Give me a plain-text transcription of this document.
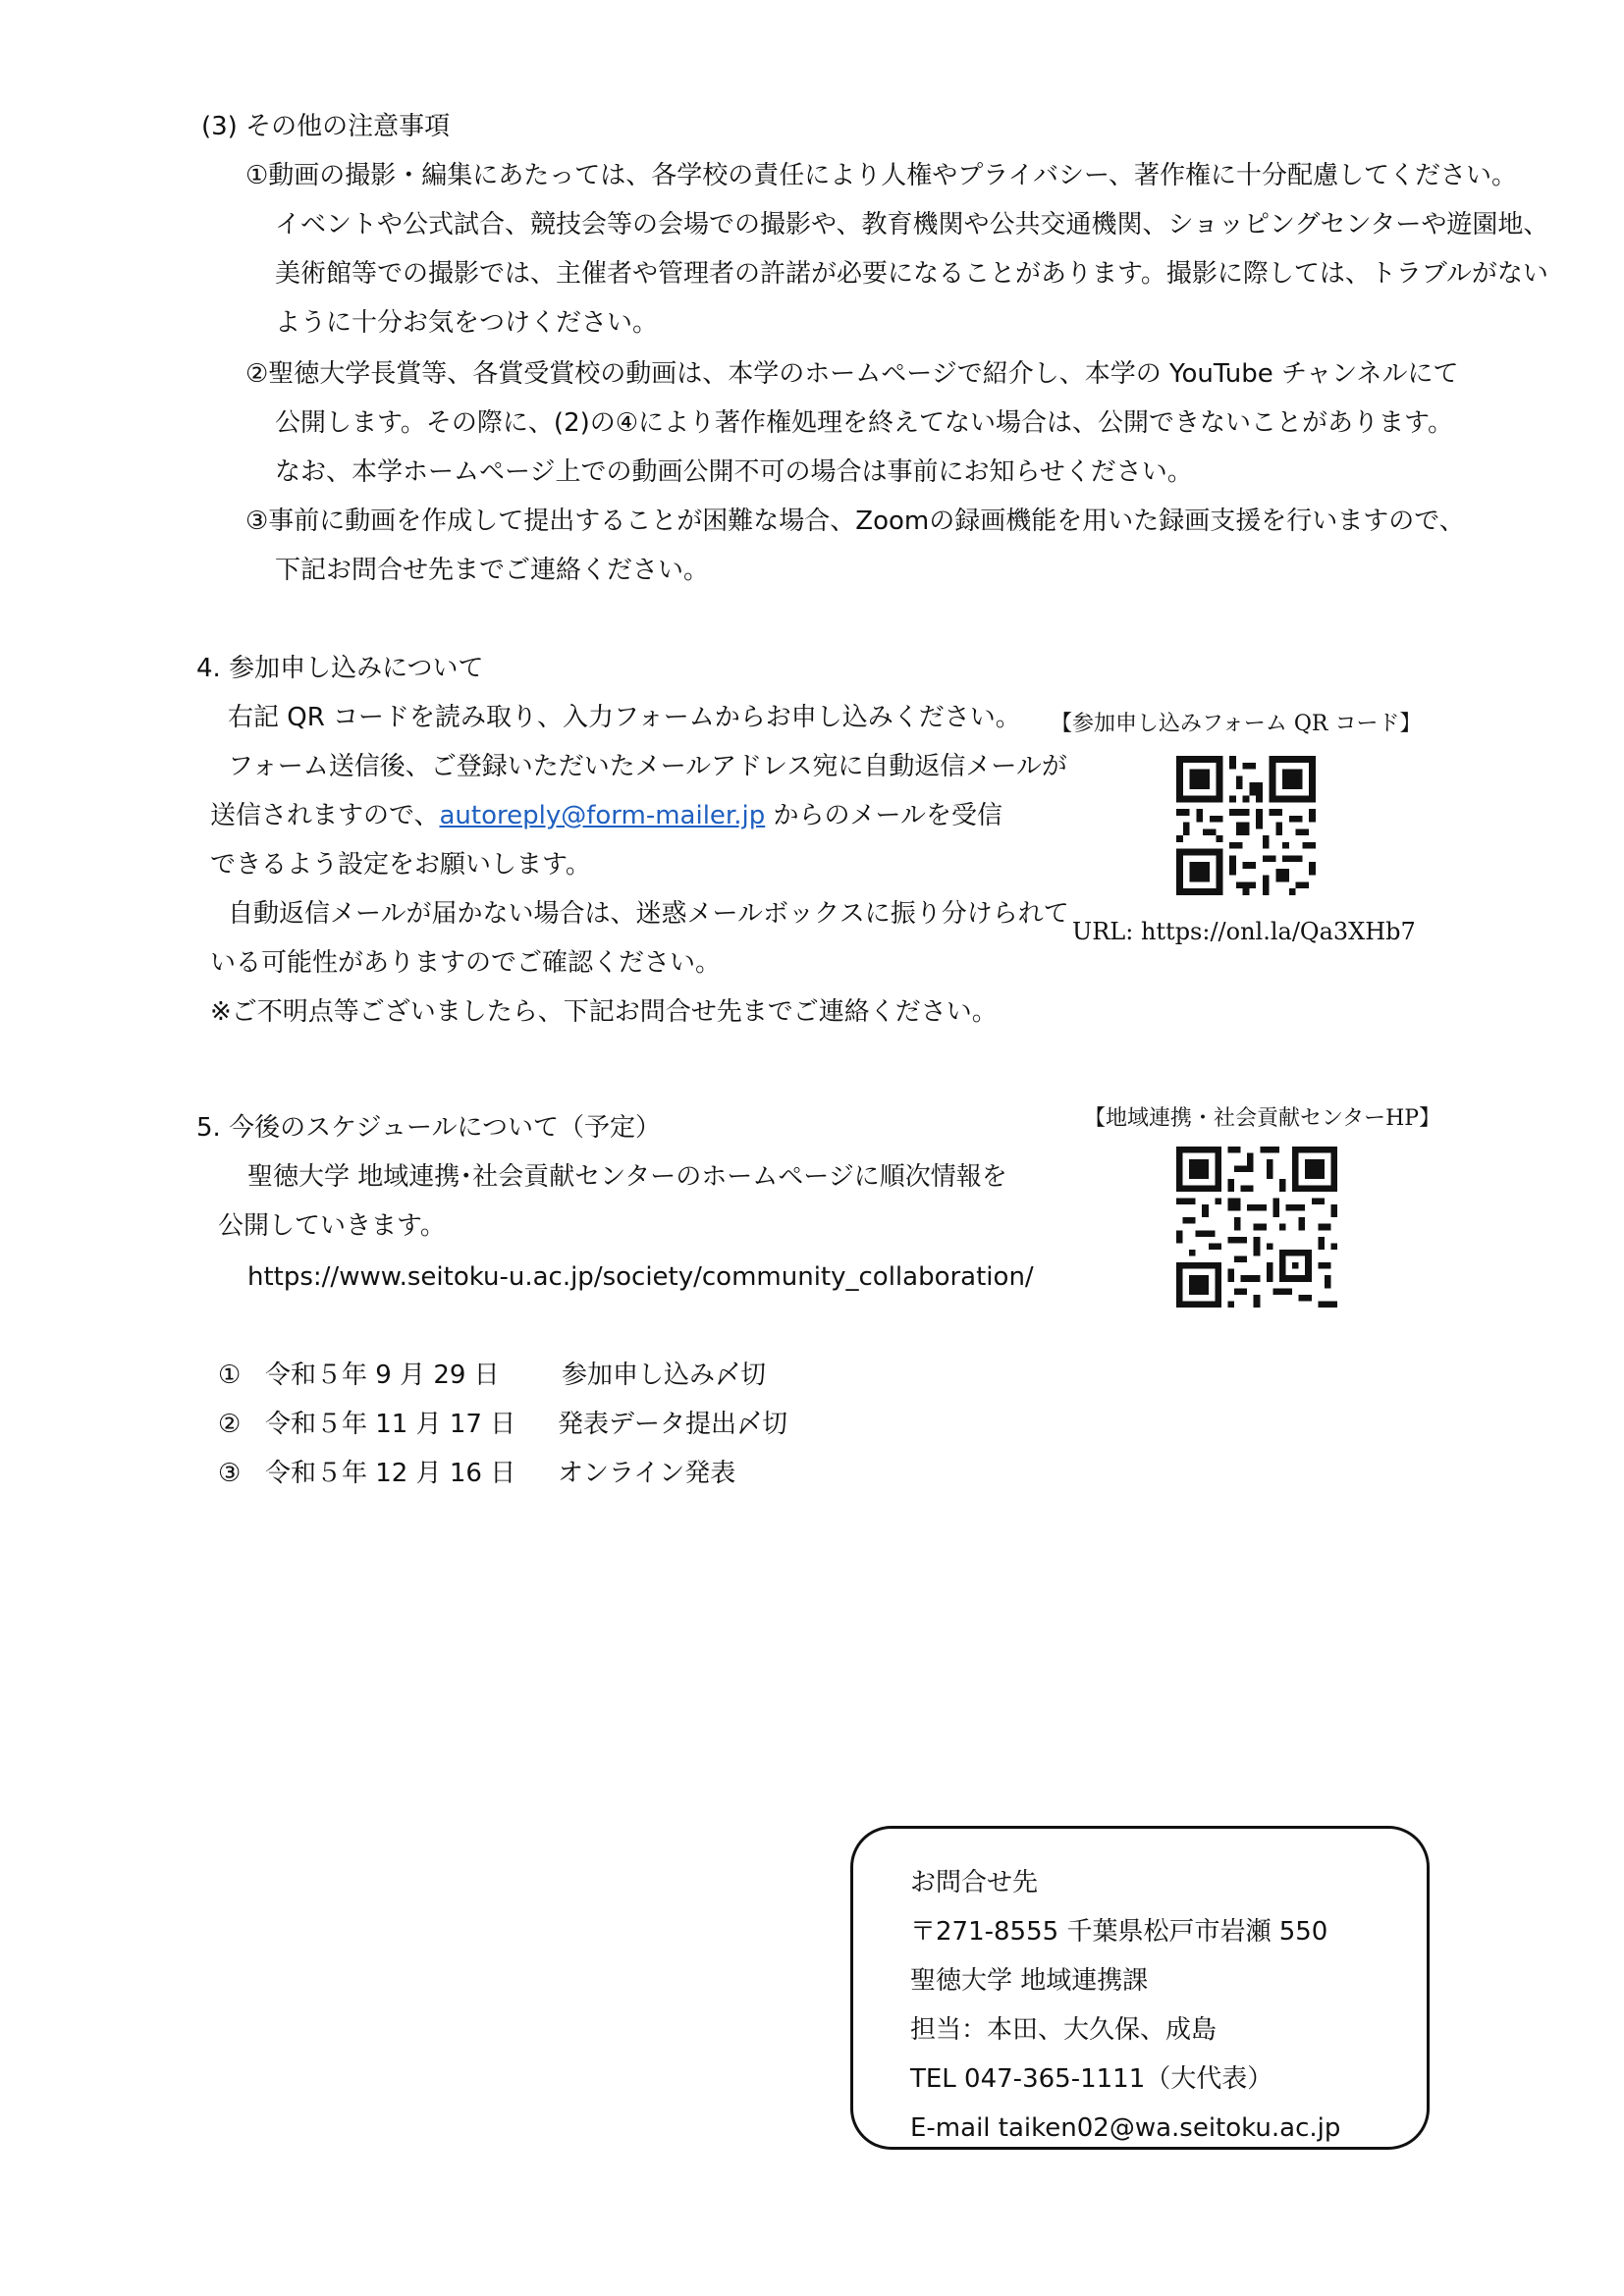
(3) その他の注意事項
①動画の撮影・編集にあたっては、各学校の責任により人権やプライバシー、著作権に十分配慮してください。
イベントや公式試合、競技会等の会場での撮影や、教育機関や公共交通機関、ショッピングセンターや遊園地、
美術館等での撮影では、主催者や管理者の許諾が必要になることがあります。撮影に際しては、トラブルがない
ように十分お気をつけください。
②聖徳大学長賞等、各賞受賞校の動画は、本学のホームページで紹介し、本学の YouTube チャンネルにて
公開します。その際に、(2)の④により著作権処理を終えてない場合は、公開できないことがあります。
なお、本学ホームページ上での動画公開不可の場合は事前にお知らせください。
③事前に動画を作成して提出することが困難な場合、Zoomの録画機能を用いた録画支援を行いますので、
下記お問合せ先までご連絡ください。
4. 参加申し込みについて
右記 QR コードを読み取り、入力フォームからお申し込みください。
フォーム送信後、ご登録いただいたメールアドレス宛に自動返信メールが
送信されますので、autoreply@form-mailer.jp からのメールを受信
できるよう設定をお願いします。
自動返信メールが届かない場合は、迷惑メールボックスに振り分けられて
いる可能性がありますのでご確認ください。
※ご不明点等ございましたら、下記お問合せ先までご連絡ください。
【参加申し込みフォーム QR コード】
URL: https://onl.la/Qa3XHb7
5. 今後のスケジュールについて（予定）
聖徳大学 地域連携･社会貢献センターのホームページに順次情報を
公開していきます。
https://www.seitoku-u.ac.jp/society/community_collaboration/
【地域連携・社会貢献センターHP】
① 令和５年 9 月 29 日 参加申し込み〆切
② 令和５年 11 月 17 日 発表データ提出〆切
③ 令和５年 12 月 16 日 オンライン発表
お問合せ先
〒271-8555 千葉県松戸市岩瀬 550
聖徳大学 地域連携課
担当：本田、大久保、成島
TEL 047-365-1111（大代表）
E-mail taiken02@wa.seitoku.ac.jp
